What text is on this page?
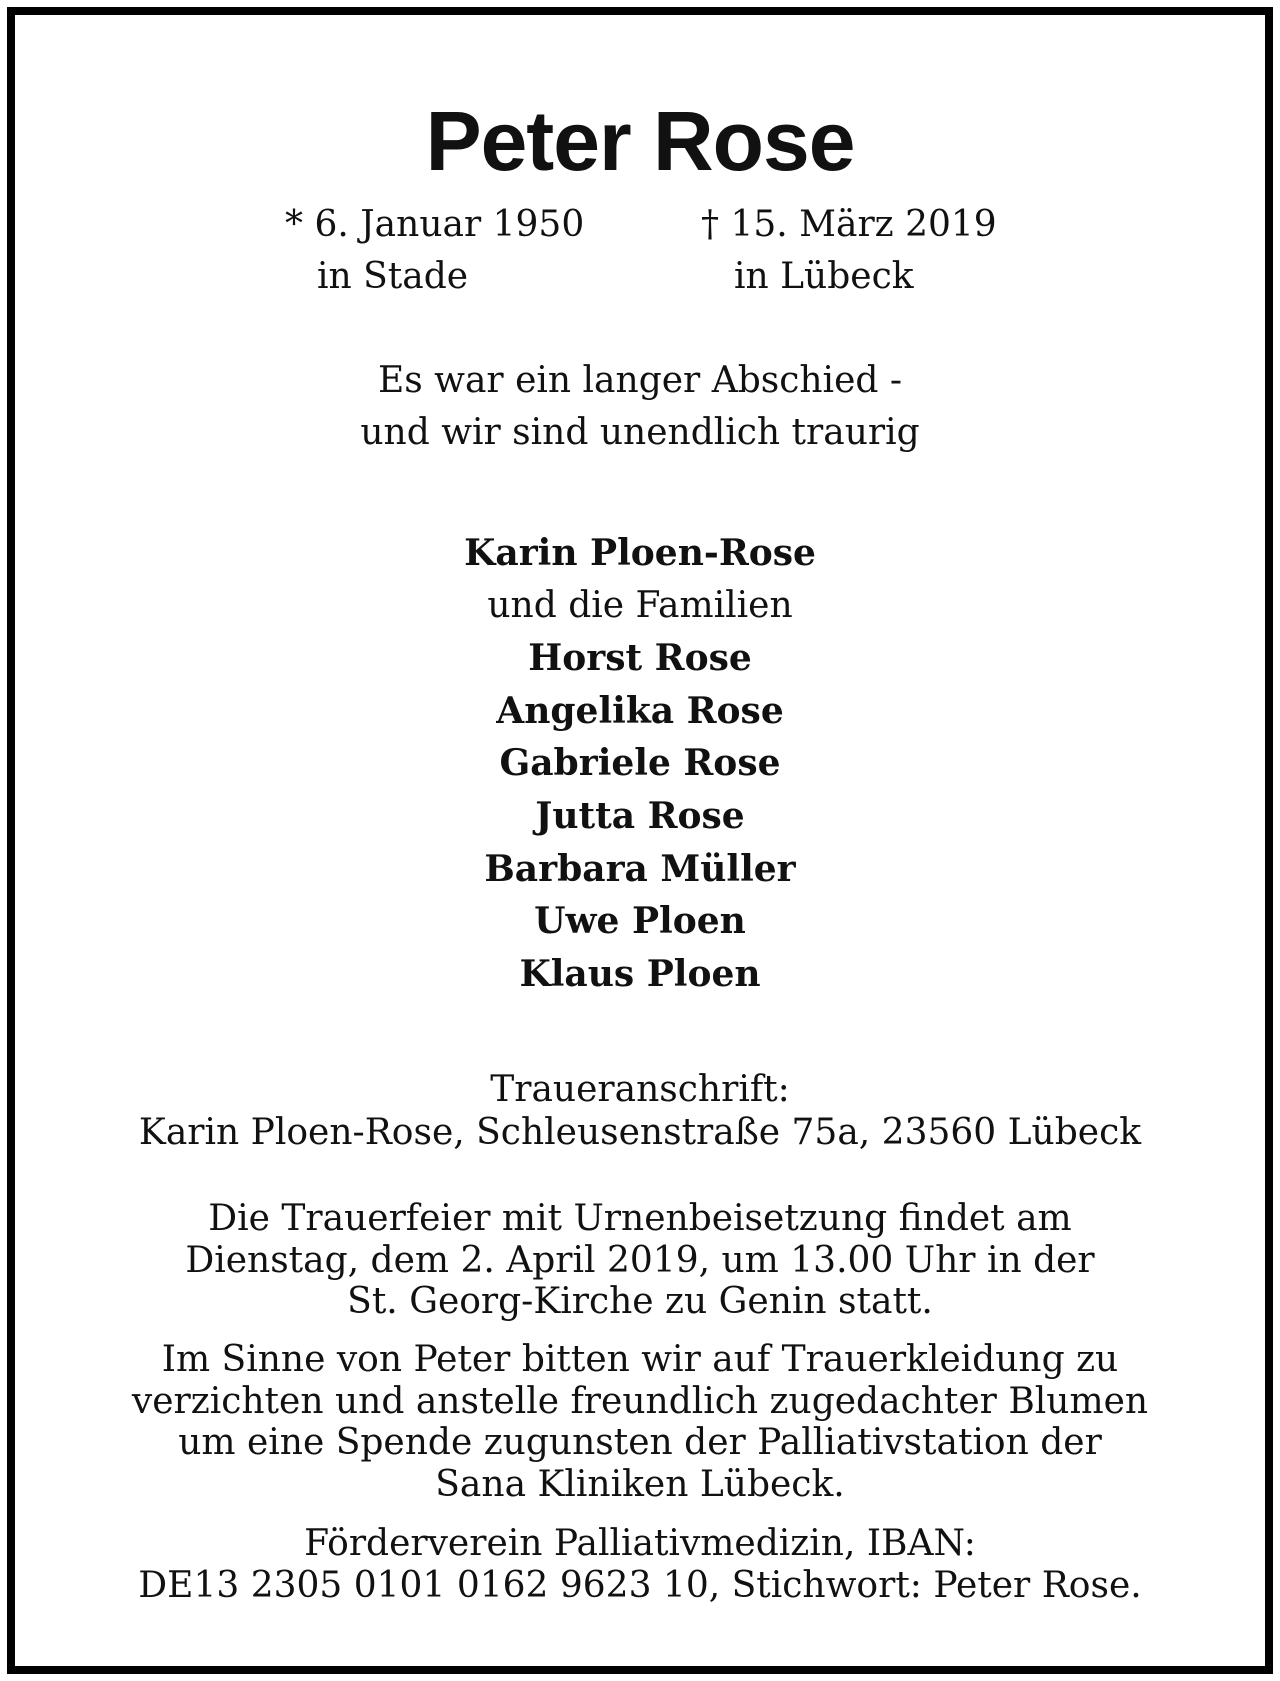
Peter Rose
* 6. Januar 1950
in Stade
† 15. März 2019
in Lübeck
Es war ein langer Abschied -
und wir sind unendlich traurig
Karin Ploen-Rose
und die Familien
Horst Rose
Angelika Rose
Gabriele Rose
Jutta Rose
Barbara Müller
Uwe Ploen
Klaus Ploen
Traueranschrift:
Karin Ploen-Rose, Schleusenstraße 75a, 23560 Lübeck
Die Trauerfeier mit Urnenbeisetzung findet am
Dienstag, dem 2. April 2019, um 13.00 Uhr in der
St. Georg-Kirche zu Genin statt.
Im Sinne von Peter bitten wir auf Trauerkleidung zu
verzichten und anstelle freundlich zugedachter Blumen
um eine Spende zugunsten der Palliativstation der
Sana Kliniken Lübeck.
Förderverein Palliativmedizin, IBAN:
DE13 2305 0101 0162 9623 10, Stichwort: Peter Rose.
